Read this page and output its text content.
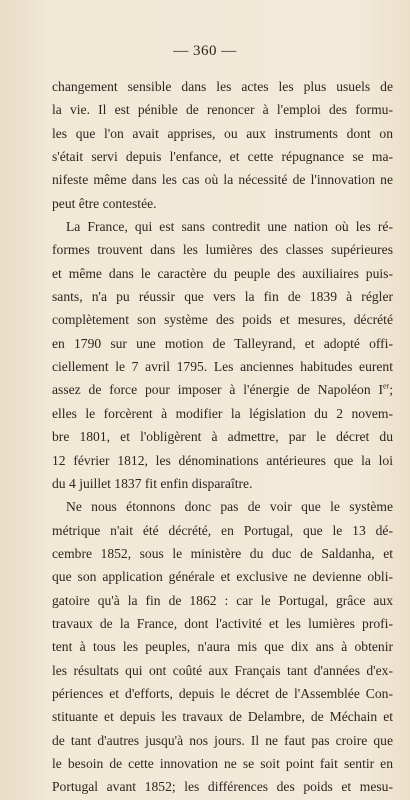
— 360 —
changement sensible dans les actes les plus usuels de
la vie. Il est pénible de renoncer à l'emploi des formu-
les que l'on avait apprises, ou aux instruments dont on
s'était servi depuis l'enfance, et cette répugnance se ma-
nifeste même dans les cas où la nécessité de l'innovation ne
peut être contestée.
La France, qui est sans contredit une nation où les ré-
formes trouvent dans les lumières des classes supérieures
et même dans le caractère du peuple des auxiliaires puis-
sants, n'a pu réussir que vers la fin de 1839 à régler
complètement son système des poids et mesures, décrété
en 1790 sur une motion de Talleyrand, et adopté offi-
ciellement le 7 avril 1795. Les anciennes habitudes eurent
assez de force pour imposer à l'énergie de Napoléon Ier;
elles le forcèrent à modifier la législation du 2 novem-
bre 1801, et l'obligèrent à admettre, par le décret du
12 février 1812, les dénominations antérieures que la loi
du 4 juillet 1837 fit enfin disparaître.
Ne nous étonnons donc pas de voir que le système
métrique n'ait été décrété, en Portugal, que le 13 dé-
cembre 1852, sous le ministère du duc de Saldanha, et
que son application générale et exclusive ne devienne obli-
gatoire qu'à la fin de 1862 : car le Portugal, grâce aux
travaux de la France, dont l'activité et les lumières profi-
tent à tous les peuples, n'aura mis que dix ans à obtenir
les résultats qui ont coûté aux Français tant d'années d'ex-
périences et d'efforts, depuis le décret de l'Assemblée Con-
stituante et depuis les travaux de Delambre, de Méchain et
de tant d'autres jusqu'à nos jours. Il ne faut pas croire que
le besoin de cette innovation ne se soit point fait sentir en
Portugal avant 1852; les différences des poids et mesu-
